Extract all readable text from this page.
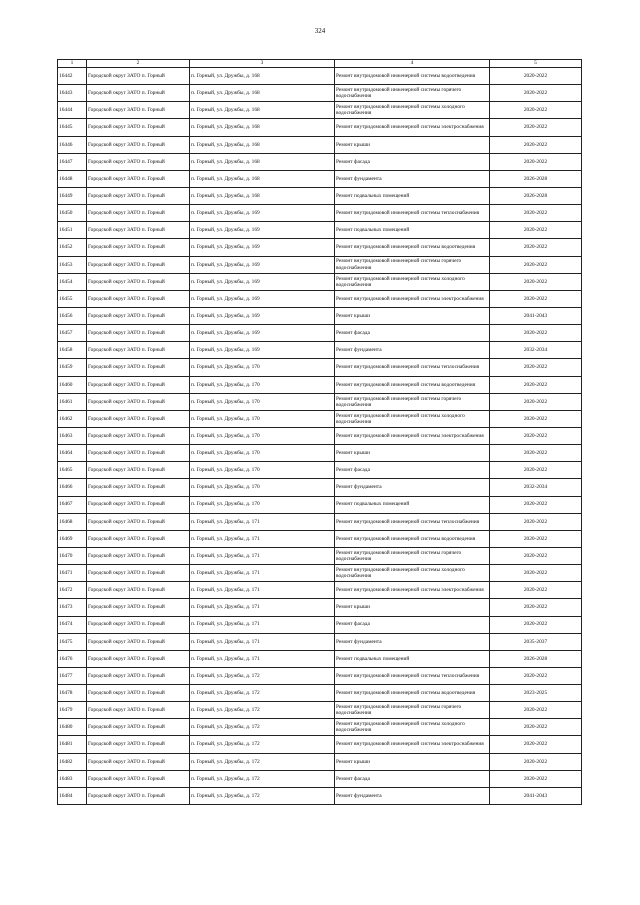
324
1	2	3	4	5
16442	Городской округ ЗАТО п. Горный	п. Горный, ул. Дружбы, д. 168	Ремонт внутридомовой инженерной системы водоотведения	2020-2022
16443	Городской округ ЗАТО п. Горный	п. Горный, ул. Дружбы, д. 168	Ремонт внутридомовой инженерной системы горячего водоснабжения	2020-2022
16444	Городской округ ЗАТО п. Горный	п. Горный, ул. Дружбы, д. 168	Ремонт внутридомовой инженерной системы холодного водоснабжения	2020-2022
16445	Городской округ ЗАТО п. Горный	п. Горный, ул. Дружбы, д. 168	Ремонт внутридомовой инженерной системы электроснабжения	2020-2022
16446	Городской округ ЗАТО п. Горный	п. Горный, ул. Дружбы, д. 168	Ремонт крыши	2020-2022
16447	Городской округ ЗАТО п. Горный	п. Горный, ул. Дружбы, д. 168	Ремонт фасада	2020-2022
16448	Городской округ ЗАТО п. Горный	п. Горный, ул. Дружбы, д. 168	Ремонт фундамента	2026-2028
16449	Городской округ ЗАТО п. Горный	п. Горный, ул. Дружбы, д. 168	Ремонт подвальных помещений	2026-2028
16450	Городской округ ЗАТО п. Горный	п. Горный, ул. Дружбы, д. 169	Ремонт внутридомовой инженерной системы теплоснабжения	2020-2022
16451	Городской округ ЗАТО п. Горный	п. Горный, ул. Дружбы, д. 169	Ремонт подвальных помещений	2020-2022
16452	Городской округ ЗАТО п. Горный	п. Горный, ул. Дружбы, д. 169	Ремонт внутридомовой инженерной системы водоотведения	2020-2022
16453	Городской округ ЗАТО п. Горный	п. Горный, ул. Дружбы, д. 169	Ремонт внутридомовой инженерной системы горячего водоснабжения	2020-2022
16454	Городской округ ЗАТО п. Горный	п. Горный, ул. Дружбы, д. 169	Ремонт внутридомовой инженерной системы холодного водоснабжения	2020-2022
16455	Городской округ ЗАТО п. Горный	п. Горный, ул. Дружбы, д. 169	Ремонт внутридомовой инженерной системы электроснабжения	2020-2022
16456	Городской округ ЗАТО п. Горный	п. Горный, ул. Дружбы, д. 169	Ремонт крыши	2041-2043
16457	Городской округ ЗАТО п. Горный	п. Горный, ул. Дружбы, д. 169	Ремонт фасада	2020-2022
16458	Городской округ ЗАТО п. Горный	п. Горный, ул. Дружбы, д. 169	Ремонт фундамента	2032-2034
16459	Городской округ ЗАТО п. Горный	п. Горный, ул. Дружбы, д. 170	Ремонт внутридомовой инженерной системы теплоснабжения	2020-2022
16460	Городской округ ЗАТО п. Горный	п. Горный, ул. Дружбы, д. 170	Ремонт внутридомовой инженерной системы водоотведения	2020-2022
16461	Городской округ ЗАТО п. Горный	п. Горный, ул. Дружбы, д. 170	Ремонт внутридомовой инженерной системы горячего водоснабжения	2020-2022
16462	Городской округ ЗАТО п. Горный	п. Горный, ул. Дружбы, д. 170	Ремонт внутридомовой инженерной системы холодного водоснабжения	2020-2022
16463	Городской округ ЗАТО п. Горный	п. Горный, ул. Дружбы, д. 170	Ремонт внутридомовой инженерной системы электроснабжения	2020-2022
16464	Городской округ ЗАТО п. Горный	п. Горный, ул. Дружбы, д. 170	Ремонт крыши	2020-2022
16465	Городской округ ЗАТО п. Горный	п. Горный, ул. Дружбы, д. 170	Ремонт фасада	2020-2022
16466	Городской округ ЗАТО п. Горный	п. Горный, ул. Дружбы, д. 170	Ремонт фундамента	2032-2034
16467	Городской округ ЗАТО п. Горный	п. Горный, ул. Дружбы, д. 170	Ремонт подвальных помещений	2020-2022
16468	Городской округ ЗАТО п. Горный	п. Горный, ул. Дружбы, д. 171	Ремонт внутридомовой инженерной системы теплоснабжения	2020-2022
16469	Городской округ ЗАТО п. Горный	п. Горный, ул. Дружбы, д. 171	Ремонт внутридомовой инженерной системы водоотведения	2020-2022
16470	Городской округ ЗАТО п. Горный	п. Горный, ул. Дружбы, д. 171	Ремонт внутридомовой инженерной системы горячего водоснабжения	2020-2022
16471	Городской округ ЗАТО п. Горный	п. Горный, ул. Дружбы, д. 171	Ремонт внутридомовой инженерной системы холодного водоснабжения	2020-2022
16472	Городской округ ЗАТО п. Горный	п. Горный, ул. Дружбы, д. 171	Ремонт внутридомовой инженерной системы электроснабжения	2020-2022
16473	Городской округ ЗАТО п. Горный	п. Горный, ул. Дружбы, д. 171	Ремонт крыши	2020-2022
16474	Городской округ ЗАТО п. Горный	п. Горный, ул. Дружбы, д. 171	Ремонт фасада	2020-2022
16475	Городской округ ЗАТО п. Горный	п. Горный, ул. Дружбы, д. 171	Ремонт фундамента	2035-2037
16476	Городской округ ЗАТО п. Горный	п. Горный, ул. Дружбы, д. 171	Ремонт подвальных помещений	2026-2028
16477	Городской округ ЗАТО п. Горный	п. Горный, ул. Дружбы, д. 172	Ремонт внутридомовой инженерной системы теплоснабжения	2020-2022
16478	Городской округ ЗАТО п. Горный	п. Горный, ул. Дружбы, д. 172	Ремонт внутридомовой инженерной системы водоотведения	2023-2025
16479	Городской округ ЗАТО п. Горный	п. Горный, ул. Дружбы, д. 172	Ремонт внутридомовой инженерной системы горячего водоснабжения	2020-2022
16480	Городской округ ЗАТО п. Горный	п. Горный, ул. Дружбы, д. 172	Ремонт внутридомовой инженерной системы холодного водоснабжения	2020-2022
16481	Городской округ ЗАТО п. Горный	п. Горный, ул. Дружбы, д. 172	Ремонт внутридомовой инженерной системы электроснабжения	2020-2022
16482	Городской округ ЗАТО п. Горный	п. Горный, ул. Дружбы, д. 172	Ремонт крыши	2020-2022
16483	Городской округ ЗАТО п. Горный	п. Горный, ул. Дружбы, д. 172	Ремонт фасада	2020-2022
16484	Городской округ ЗАТО п. Горный	п. Горный, ул. Дружбы, д. 172	Ремонт фундамента	2041-2043
